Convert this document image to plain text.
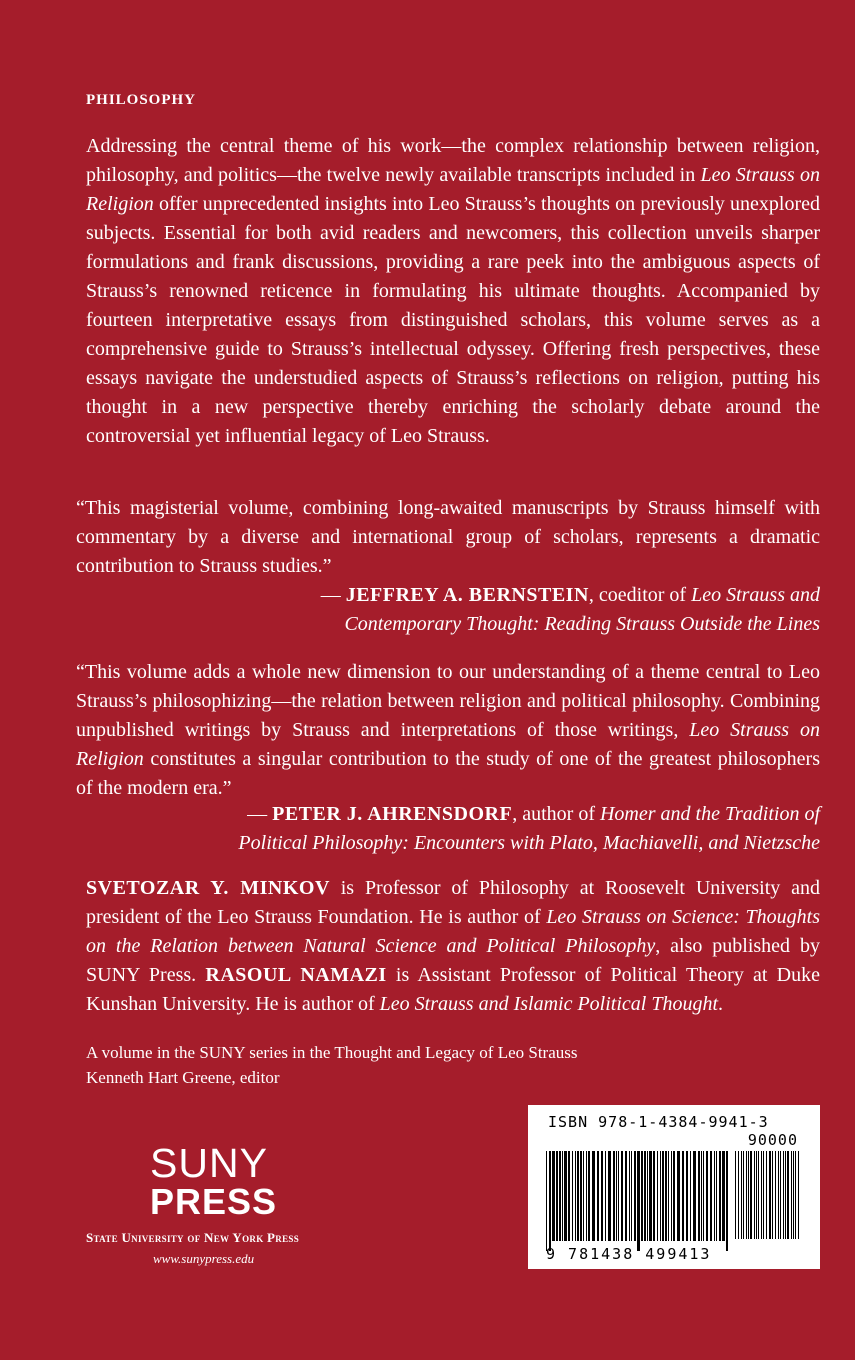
PHILOSOPHY

Addressing the central theme of his work—the complex relationship between religion, philosophy, and politics—the twelve newly available transcripts included in Leo Strauss on Religion offer unprecedented insights into Leo Strauss’s thoughts on previously unexplored subjects. Essential for both avid readers and newcomers, this collection unveils sharper formulations and frank discussions, providing a rare peek into the ambiguous aspects of Strauss’s renowned reticence in formulating his ultimate thoughts. Accompanied by fourteen interpretative essays from distinguished scholars, this volume serves as a comprehensive guide to Strauss’s intellectual odyssey. Offering fresh perspectives, these essays navigate the understudied aspects of Strauss’s reflections on religion, putting his thought in a new perspective thereby enriching the scholarly debate around the controversial yet influential legacy of Leo Strauss.

“This magisterial volume, combining long-awaited manuscripts by Strauss himself with commentary by a diverse and international group of scholars, represents a dramatic contribution to Strauss studies.”

— JEFFREY A. BERNSTEIN, coeditor of Leo Strauss and Contemporary Thought: Reading Strauss Outside the Lines

“This volume adds a whole new dimension to our understanding of a theme central to Leo Strauss’s philosophizing—the relation between religion and political philosophy. Combining unpublished writings by Strauss and interpretations of those writings, Leo Strauss on Religion constitutes a singular contribution to the study of one of the greatest philosophers of the modern era.”

— PETER J. AHRENSDORF, author of Homer and the Tradition of Political Philosophy: Encounters with Plato, Machiavelli, and Nietzsche

SVETOZAR Y. MINKOV is Professor of Philosophy at Roosevelt University and president of the Leo Strauss Foundation. He is author of Leo Strauss on Science: Thoughts on the Relation between Natural Science and Political Philosophy, also published by SUNY Press. RASOUL NAMAZI is Assistant Professor of Political Theory at Duke Kunshan University. He is author of Leo Strauss and Islamic Political Thought.

A volume in the SUNY series in the Thought and Legacy of Leo Strauss
Kenneth Hart Greene, editor
SUNY
PRESS
State University of New York Press
www.sunypress.edu
ISBN 978-1-4384-9941-3
90000
9 781438 499413
